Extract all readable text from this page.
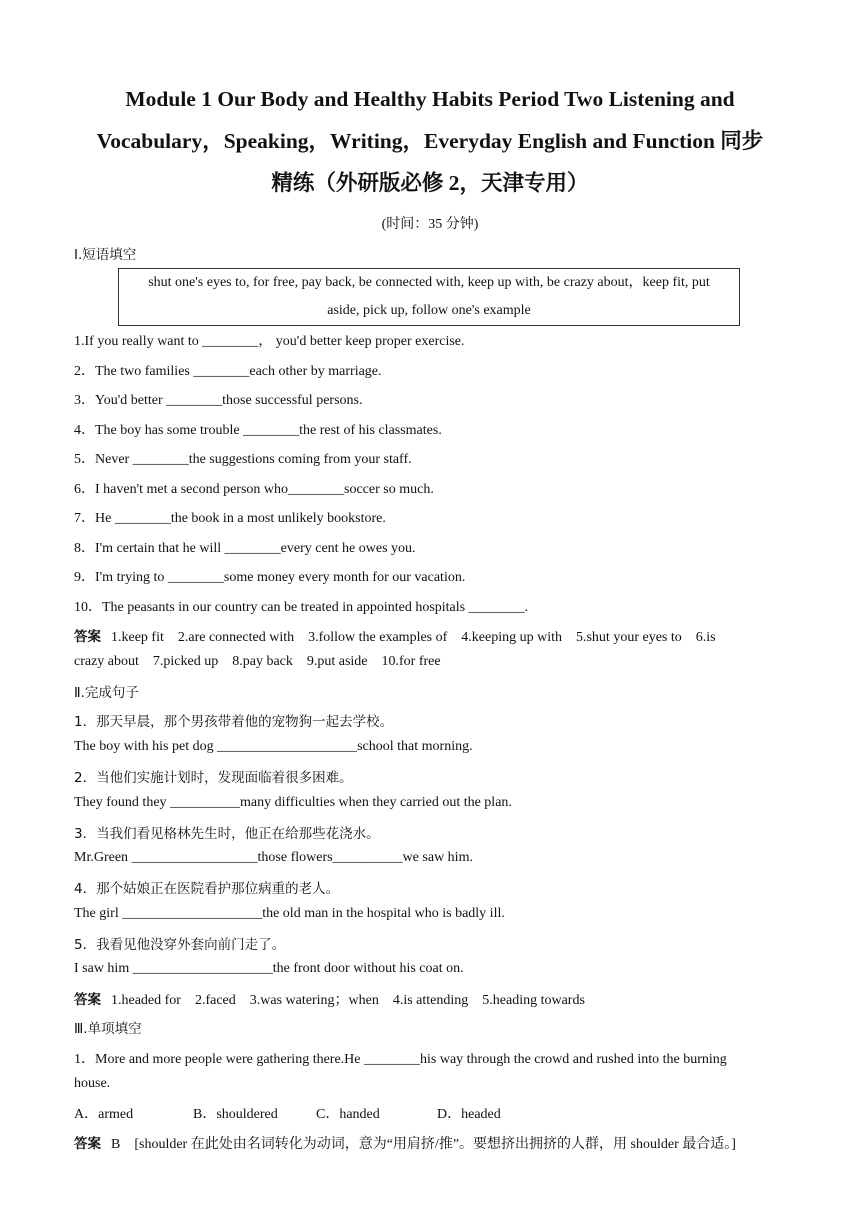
Module 1 Our Body and Healthy Habits Period Two Listening and
Vocabulary，Speaking，Writing，Everyday English and Function 同步
精练（外研版必修 2，天津专用）
(时间：35 分钟)
Ⅰ.短语填空
shut one's eyes to, for free, pay back, be connected with, keep up with, be crazy about，keep fit, put
aside, pick up, follow one's example
1.If you really want to ________， you'd better keep proper exercise.
2．The two families ________each other by marriage.
3．You'd better ________those successful persons.
4．The boy has some trouble ________the rest of his classmates.
5．Never ________the suggestions coming from your staff.
6．I haven't met a second person who________soccer so much.
7．He ________the book in a most unlikely bookstore.
8．I'm certain that he will ________every cent he owes you.
9．I'm trying to ________some money every month for our vacation.
10．The peasants in our country can be treated in appointed hospitals ________.
答案 1.keep fit    2.are connected with    3.follow the examples of    4.keeping up with    5.shut your eyes to    6.is
crazy about    7.picked up    8.pay back    9.put aside    10.for free
Ⅱ.完成句子
1．那天早晨，那个男孩带着他的宠物狗一起去学校。
The boy with his pet dog ____________________school that morning.
2．当他们实施计划时，发现面临着很多困难。
They found they __________many difficulties when they carried out the plan.
3．当我们看见格林先生时，他正在给那些花浇水。
Mr.Green __________________those flowers__________we saw him.
4．那个姑娘正在医院看护那位病重的老人。
The girl ____________________the old man in the hospital who is badly ill.
5．我看见他没穿外套向前门走了。
I saw him ____________________the front door without his coat on.
答案 1.headed for    2.faced    3.was watering；when    4.is attending    5.heading towards
Ⅲ.单项填空
1．More and more people were gathering there.He ________his way through the crowd and rushed into the burning
house.
A．armed	B．shouldered	C．handed	D．headed
答案 B    [shoulder 在此处由名词转化为动词，意为“用肩挤/推”。要想挤出拥挤的人群，用 shoulder 最合适。]
